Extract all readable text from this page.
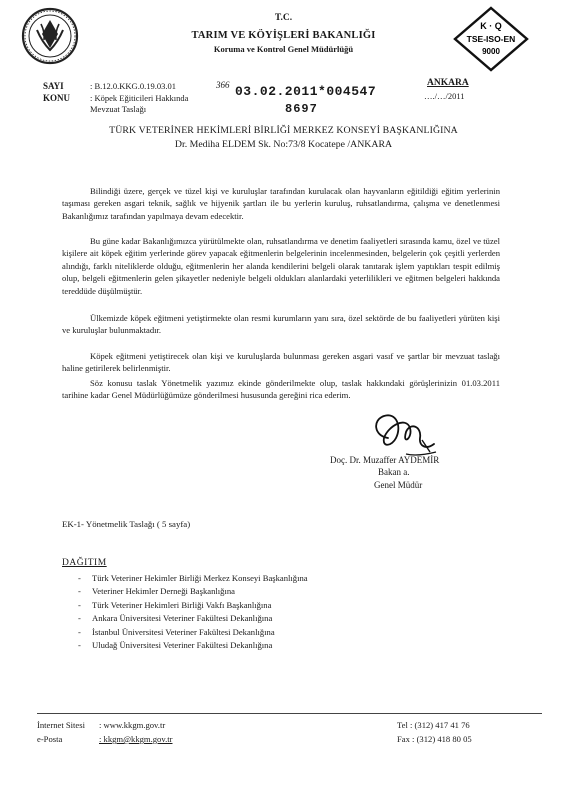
T.C.
TARIM VE KÖYİŞLERİ BAKANLIĞI
Koruma ve Kontrol Genel Müdürlüğü
K · Q
TSE-ISO-EN
9000
SAYI	: B.12.0.KKG.0.19.03.01	366
KONU : Köpek Eğiticileri Hakkında
Mevzuat Taslağı
03.02.2011*004547
8697
ANKARA
…./…/2011
TÜRK VETERİNER HEKİMLERİ BİRLİĞİ MERKEZ KONSEYİ BAŞKANLIĞINA
Dr. Mediha ELDEM Sk. No:73/8 Kocatepe /ANKARA

Bilindiği üzere, gerçek ve tüzel kişi ve kuruluşlar tarafından kurulacak olan hayvanların eğitildiği eğitim yerlerinin taşıması gereken asgari teknik, sağlık ve hijyenik şartları ile bu yerlerin kuruluş, ruhsatlandırma, çalışma ve denetlenmesi Bakanlığımız tarafından yapılmaya devam edecektir.

Bu güne kadar Bakanlığımızca yürütülmekte olan, ruhsatlandırma ve denetim faaliyetleri sırasında kamu, özel ve tüzel kişilere ait köpek eğitim yerlerinde görev yapacak eğitmenlerin belgelerinin incelenmesinden, belgelerin çok çeşitli yerlerden alındığı, farklı niteliklerde olduğu, eğitmenlerin her alanda kendilerini belgeli olarak tanıtarak işlem yaptıkları tespit edilmiş olup, belgeli eğitmenlerin gelen şikayetler nedeniyle belgeli oldukları alanlardaki yeterlilikleri ve eğitmen belgeleri hakkında tereddüde düşülmüştür.

Ülkemizde köpek eğitmeni yetiştirmekte olan resmi kurumların yanı sıra, özel sektörde de bu faaliyetleri yürüten kişi ve kuruluşlar bulunmaktadır.

Köpek eğitmeni yetiştirecek olan kişi ve kuruluşlarda bulunması gereken asgari vasıf ve şartlar bir mevzuat taslağı haline getirilerek belirlenmiştir.

Söz konusu taslak Yönetmelik yazımız ekinde gönderilmekte olup, taslak hakkındaki görüşlerinizin 01.03.2011 tarihine kadar Genel Müdürlüğümüze gönderilmesi hususunda gereğini rica ederim.

Doç. Dr. Muzaffer AYDEMİR
Bakan a.
Genel Müdür
EK-1- Yönetmelik Taslağı ( 5 sayfa)
DAĞITIM
- Türk Veteriner Hekimler Birliği Merkez Konseyi Başkanlığına
- Veteriner Hekimler Derneği Başkanlığına
- Türk Veteriner Hekimleri Birliği Vakfı Başkanlığına
- Ankara Üniversitesi Veteriner Fakültesi Dekanlığına
- İstanbul Üniversitesi Veteriner Fakültesi Dekanlığına
- Uludağ Üniversitesi Veteriner Fakültesi Dekanlığına
İnternet Sitesi : www.kkgm.gov.tr
e-Posta	: kkgm@kkgm.gov.tr
Tel : (312) 417 41 76
Fax : (312) 418 80 05
